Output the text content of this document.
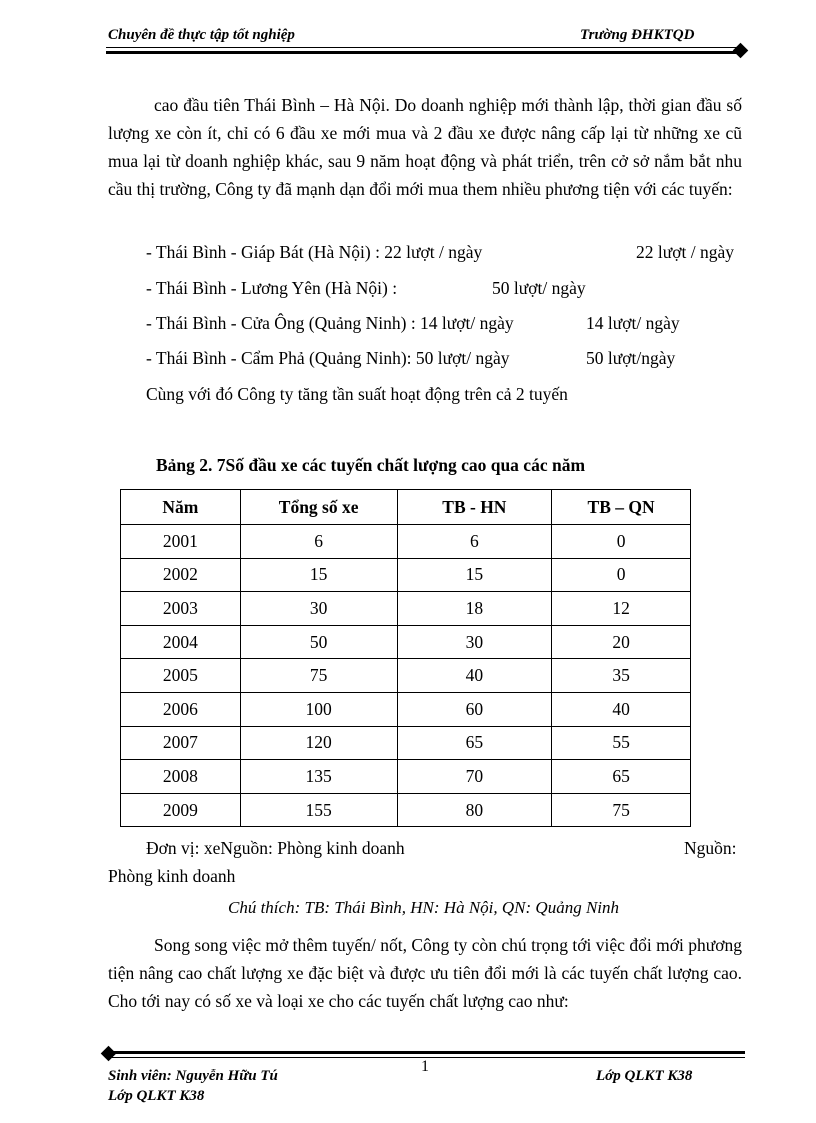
Chuyên đề thực tập tốt nghiệp	Trường ĐHKTQD
cao đầu tiên Thái Bình – Hà Nội. Do doanh nghiệp mới thành lập, thời gian đầu số lượng xe còn ít, chỉ có 6 đầu xe mới mua và 2 đầu xe được nâng cấp lại từ những xe cũ mua lại từ doanh nghiệp khác, sau 9 năm hoạt động và phát triển, trên cở sở nắm bắt nhu cầu thị trường, Công ty đã mạnh dạn đổi mới mua them nhiều phương tiện với các tuyến:
- Thái Bình - Giáp Bát (Hà Nội) : 22 lượt / ngày	22 lượt / ngày
- Thái Bình - Lương Yên (Hà Nội) :	50 lượt/ ngày
- Thái Bình - Cửa Ông (Quảng Ninh) : 14 lượt/ ngày	14 lượt/ ngày
- Thái Bình - Cẩm Phả (Quảng Ninh): 50 lượt/ ngày	50 lượt/ngày
Cùng với đó Công ty tăng tần suất hoạt động trên cả 2 tuyến
Bảng 2. 7Số đầu xe các tuyến chất lượng cao qua các năm
Năm	Tổng số xe	TB - HN	TB – QN
2001	6	6	0
2002	15	15	0
2003	30	18	12
2004	50	30	20
2005	75	40	35
2006	100	60	40
2007	120	65	55
2008	135	70	65
2009	155	80	75
Đơn vị: xeNguồn: Phòng kinh doanh	Nguồn:
Phòng kinh doanh
Chú thích: TB: Thái Bình, HN: Hà Nội, QN: Quảng Ninh
Song song việc mở thêm tuyến/ nốt, Công ty còn chú trọng tới việc đổi mới phương tiện nâng cao chất lượng xe đặc biệt và được ưu tiên đổi mới là các tuyến chất lượng cao. Cho tới nay có số xe và loại xe cho các tuyến chất lượng cao như:
1
Sinh viên: Nguyễn Hữu Tú	Lớp QLKT K38
Lớp QLKT K38
